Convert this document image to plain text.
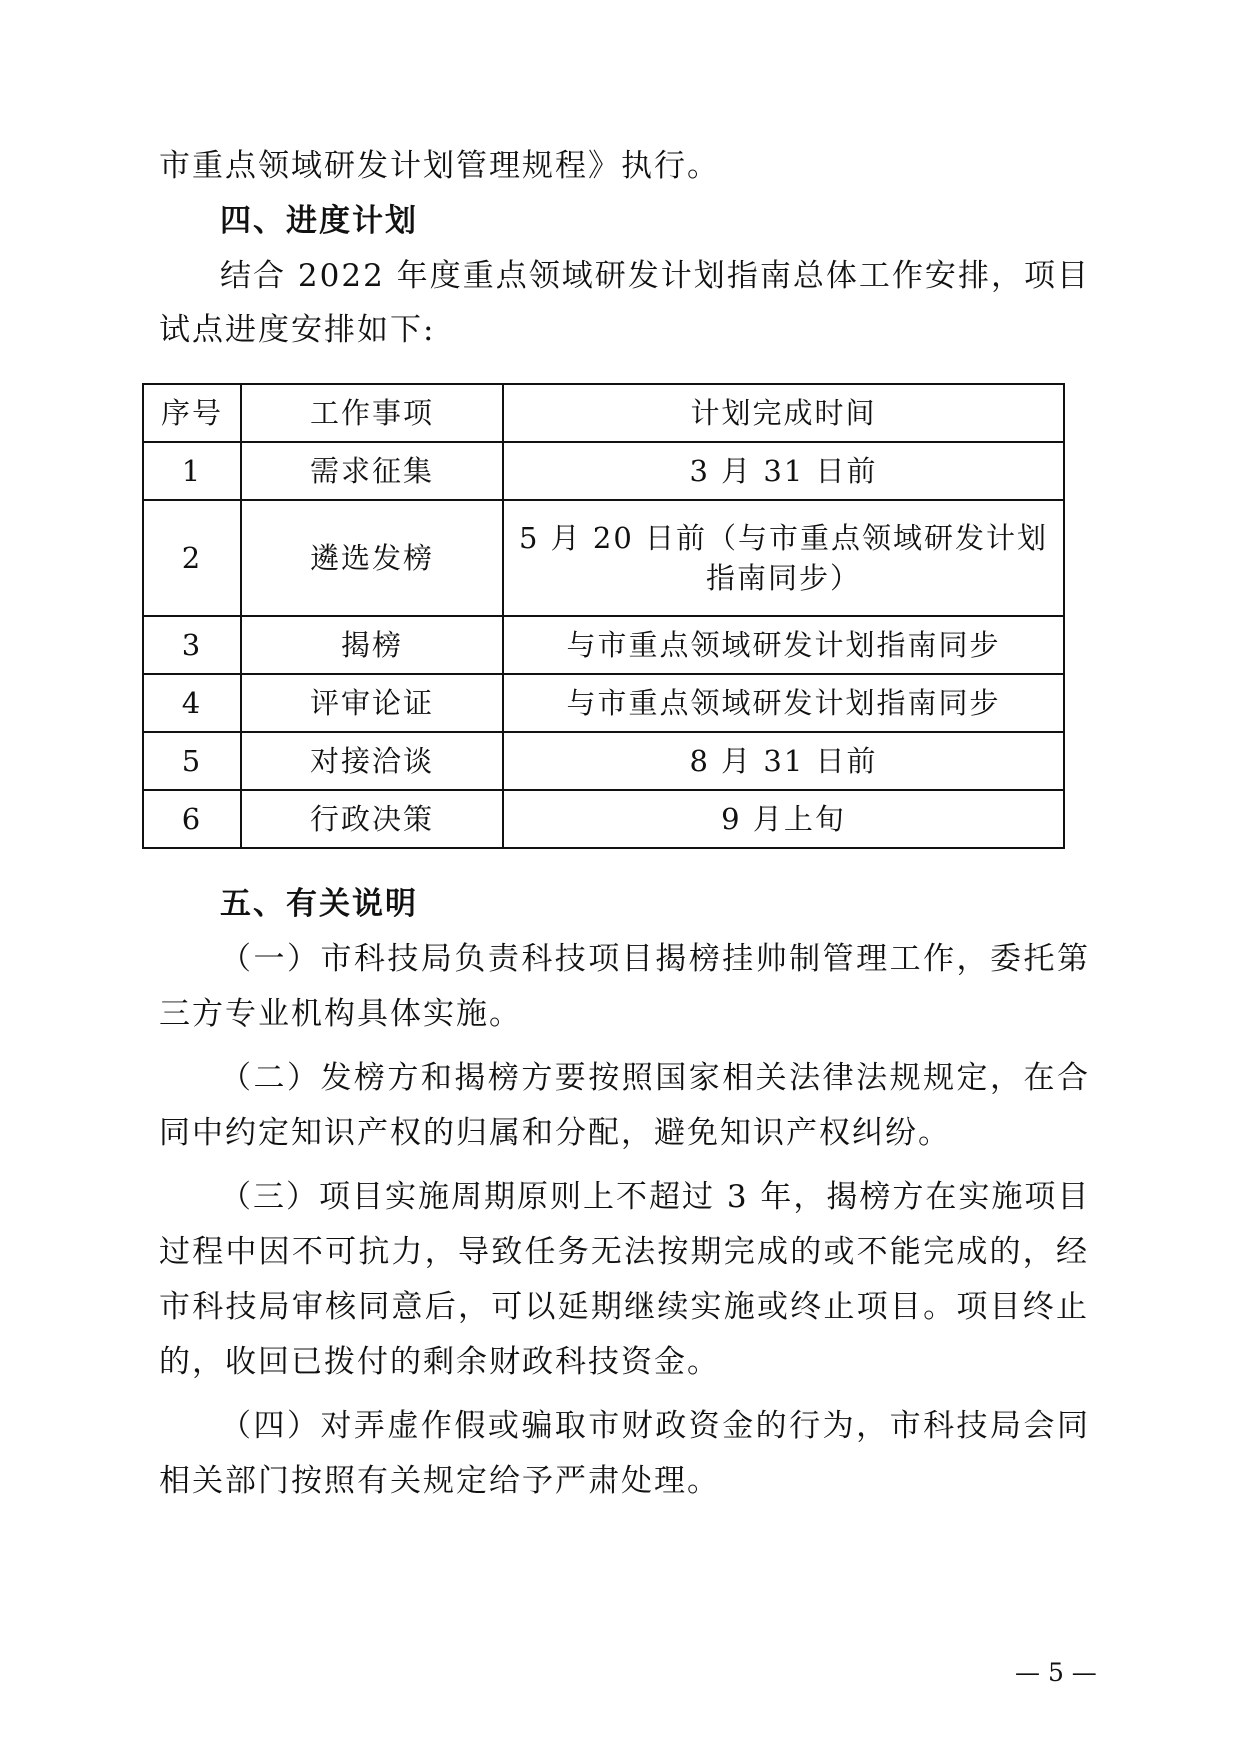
市重点领域研发计划管理规程》执行。
四、进度计划
结合 2022 年度重点领域研发计划指南总体工作安排，项目
试点进度安排如下:
序号	工作事项	计划完成时间
1	需求征集	3 月 31 日前
2	遴选发榜	5 月 20 日前（与市重点领域研发计划
指南同步）

3	揭榜	与市重点领域研发计划指南同步
4	评审论证	与市重点领域研发计划指南同步
5	对接洽谈	8 月 31 日前
6	行政决策	9 月上旬
五、有关说明
（一）市科技局负责科技项目揭榜挂帅制管理工作，委托第
三方专业机构具体实施。
（二）发榜方和揭榜方要按照国家相关法律法规规定，在合
同中约定知识产权的归属和分配，避免知识产权纠纷。
（三）项目实施周期原则上不超过 3 年，揭榜方在实施项目
过程中因不可抗力，导致任务无法按期完成的或不能完成的，经
市科技局审核同意后，可以延期继续实施或终止项目。项目终止
的，收回已拨付的剩余财政科技资金。
（四）对弄虚作假或骗取市财政资金的行为，市科技局会同
相关部门按照有关规定给予严肃处理。
— 5 —
